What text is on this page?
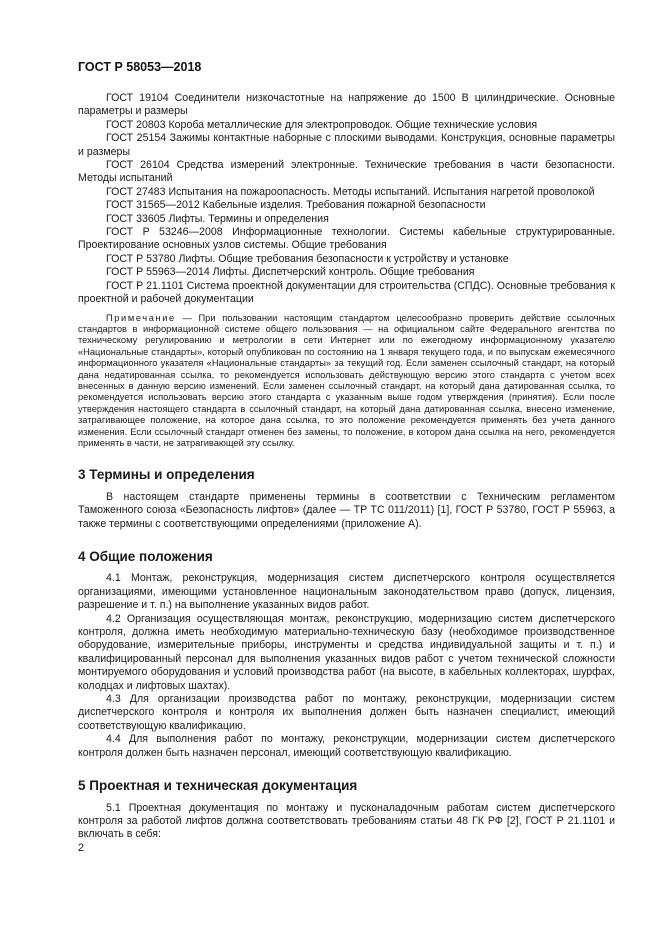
ГОСТ Р 58053—2018

ГОСТ 19104 Соединители низкочастотные на напряжение до 1500 В цилиндрические. Основные параметры и размеры

ГОСТ 20803 Короба металлические для электропроводок. Общие технические условия

ГОСТ 25154 Зажимы контактные наборные с плоскими выводами. Конструкция, основные параметры и размеры

ГОСТ 26104 Средства измерений электронные. Технические требования в части безопасности. Методы испытаний

ГОСТ 27483 Испытания на пожароопасность. Методы испытаний. Испытания нагретой проволокой

ГОСТ 31565—2012 Кабельные изделия. Требования пожарной безопасности

ГОСТ 33605 Лифты. Термины и определения

ГОСТ Р 53246—2008 Информационные технологии. Системы кабельные структурированные. Проектирование основных узлов системы. Общие требования

ГОСТ Р 53780 Лифты. Общие требования безопасности к устройству и установке

ГОСТ Р 55963—2014 Лифты. Диспетчерский контроль. Общие требования

ГОСТ Р 21.1101 Система проектной документации для строительства (СПДС). Основные требования к проектной и рабочей документации

Примечание — При пользовании настоящим стандартом целесообразно проверить действие ссылочных стандартов в информационной системе общего пользования — на официальном сайте Федерального агентства по техническому регулированию и метрологии в сети Интернет или по ежегодному информационному указателю «Национальные стандарты», который опубликован по состоянию на 1 января текущего года, и по выпускам ежемесячного информационного указателя «Национальные стандарты» за текущий год. Если заменен ссылочный стандарт, на который дана недатированная ссылка, то рекомендуется использовать действующую версию этого стандарта с учетом всех внесенных в данную версию изменений. Если заменен ссылочный стандарт, на который дана датированная ссылка, то рекомендуется использовать версию этого стандарта с указанным выше годом утверждения (принятия). Если после утверждения настоящего стандарта в ссылочный стандарт, на который дана датированная ссылка, внесено изменение, затрагивающее положение, на которое дана ссылка, то это положение рекомендуется применять без учета данного изменения. Если ссылочный стандарт отменен без замены, то положение, в котором дана ссылка на него, рекомендуется применять в части, не затрагивающей эту ссылку.

3 Термины и определения

В настоящем стандарте применены термины в соответствии с Техническим регламентом Таможенного союза «Безопасность лифтов» (далее — ТР ТС 011/2011) [1], ГОСТ Р 53780, ГОСТ Р 55963, а также термины с соответствующими определениями (приложение А).

4 Общие положения

4.1 Монтаж, реконструкция, модернизация систем диспетчерского контроля осуществляется организациями, имеющими установленное национальным законодательством право (допуск, лицензия, разрешение и т. п.) на выполнение указанных видов работ.

4.2 Организация осуществляющая монтаж, реконструкцию, модернизацию систем диспетчерского контроля, должна иметь необходимую материально-техническую базу (необходимое производственное оборудование, измерительные приборы, инструменты и средства индивидуальной защиты и т. п.) и квалифицированный персонал для выполнения указанных видов работ с учетом технической сложности монтируемого оборудования и условий производства работ (на высоте, в кабельных коллекторах, шурфах, колодцах и лифтовых шахтах).

4.3 Для организации производства работ по монтажу, реконструкции, модернизации систем диспетчерского контроля и контроля их выполнения должен быть назначен специалист, имеющий соответствующую квалификацию.

4.4 Для выполнения работ по монтажу, реконструкции, модернизации систем диспетчерского контроля должен быть назначен персонал, имеющий соответствующую квалификацию.

5 Проектная и техническая документация

5.1 Проектная документация по монтажу и пусконаладочным работам систем диспетчерского контроля за работой лифтов должна соответствовать требованиям статьи 48 ГК РФ [2], ГОСТ Р 21.1101 и включать в себя:

2
